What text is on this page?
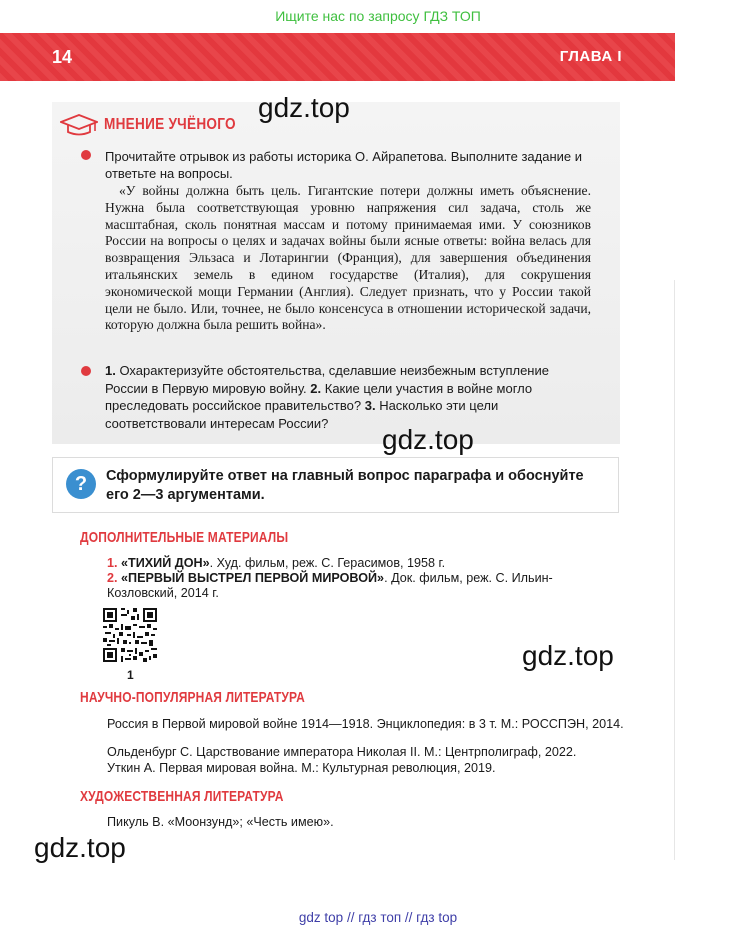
Ищите нас по запросу ГДЗ ТОП
14	ГЛАВА I
МНЕНИЕ УЧЁНОГО
Прочитайте отрывок из работы историка О. Айрапетова. Выполните задание и ответьте на вопросы.
«У войны должна быть цель. Гигантские потери должны иметь объяснение. Нужна была соответствующая уровню напряжения сил задача, столь же масштабная, сколь понятная массам и потому принимаемая ими. У союзников России на вопросы о целях и задачах войны были ясные ответы: война велась для возвращения Эльзаса и Лотарингии (Франция), для завершения объединения итальянских земель в едином государстве (Италия), для сокрушения экономической мощи Германии (Англия). Следует признать, что у России такой цели не было. Или, точнее, не было консенсуса в отношении исторической задачи, которую должна была решить война».
1. Охарактеризуйте обстоятельства, сделавшие неизбежным вступление России в Первую мировую войну. 2. Какие цели участия в войне могло преследовать российское правительство? 3. Насколько эти цели соответствовали интересам России?
?	Сформулируйте ответ на главный вопрос параграфа и обоснуйте его 2—3 аргументами.
ДОПОЛНИТЕЛЬНЫЕ МАТЕРИАЛЫ
1. «ТИХИЙ ДОН». Худ. фильм, реж. С. Герасимов, 1958 г.
2. «ПЕРВЫЙ ВЫСТРЕЛ ПЕРВОЙ МИРОВОЙ». Док. фильм, реж. С. Ильин-Козловский, 2014 г.
1
НАУЧНО-ПОПУЛЯРНАЯ ЛИТЕРАТУРА
Россия в Первой мировой войне 1914—1918. Энциклопедия: в 3 т. М.: РОССПЭН, 2014.
Ольденбург С. Царствование императора Николая II. М.: Центрполиграф, 2022.
Уткин А. Первая мировая война. М.: Культурная революция, 2019.
ХУДОЖЕСТВЕННАЯ ЛИТЕРАТУРА
Пикуль В. «Моонзунд»; «Честь имею».
gdz.top
gdz.top
gdz.top
gdz.top
gdz top // гдз топ // гдз top
